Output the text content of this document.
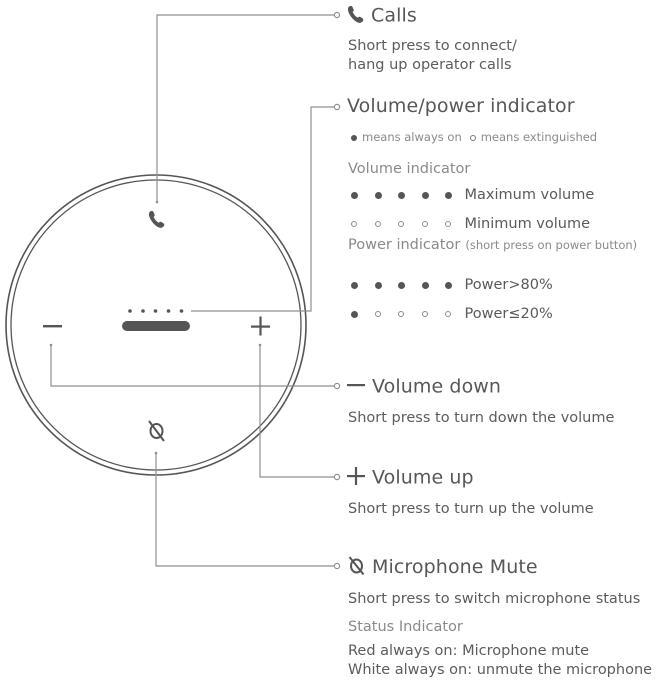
Calls
Short press to connect/
hang up operator calls
Volume/power indicator
means always on means extinguished
Volume indicator
Maximum volume
Minimum volume
Power indicator (short press on power button)
Power>80%
Power≤20%
Volume down
Short press to turn down the volume
Volume up
Short press to turn up the volume
Microphone Mute
Short press to switch microphone status
Status Indicator
Red always on: Microphone mute
White always on: unmute the microphone
